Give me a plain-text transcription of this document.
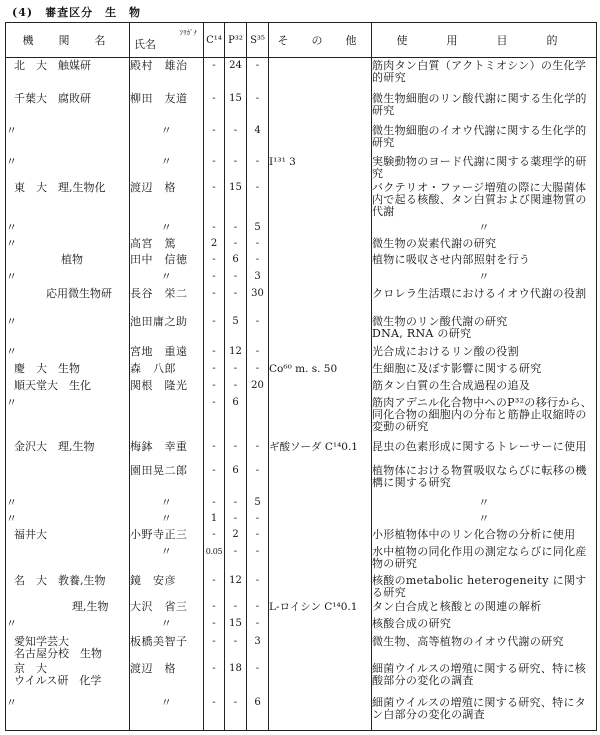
(4)　審査区分　生　物
機　関　名	ﾌﾘｶﾞﾅ
氏名	C¹⁴	P³²	S³⁵	そ　の　他	使　用　目　的
北　大　触媒研	殿村　雄治	-	24	-		筋肉タン白質（アクトミオシン）の生化学的研究
千葉大　腐敗研	柳田　友道	-	15	-		微生物細胞のリン酸代謝に関する生化学的研究
〃	〃	-	-	4		微生物細胞のイオウ代謝に関する生化学的研究
〃	〃	-	-	-	I¹³¹ 3	実験動物のヨード代謝に関する薬理学的研究
東　大　理,生物化	渡辺　格	-	15	-		バクテリオ・ファージ増殖の際に大腸菌体内で起る核酸、タン白質および関連物質の代謝
〃	〃	-	-	5		〃
〃	高宮　篤	2	-	-		微生物の炭素代謝の研究
植物	田中　信徳	-	6	-		植物に吸収させ内部照射を行う
〃	〃	-	-	3		〃
応用微生物研	長谷　栄二	-	-	30		クロレラ生活環におけるイオウ代謝の役割
〃	池田庸之助	-	5	-		微生物のリン酸代謝の研究
DNA, RNA の研究
〃	宮地　重遠	-	12	-		光合成におけるリン酸の役割
慶　大　生物	森　八郎	-	-	-	Co⁶⁰ m. s. 50	生細胞に及ぼす影響に関する研究
順天堂大　生化	関根　隆光	-	-	20		筋タン白質の生合成過程の追及
〃		-	6			筋肉アデニル化合物中へのP³²の移行から、同化合物の細胞内の分布と筋静止収縮時の変動の研究
金沢大　理,生物	梅鉢　幸重	-	-	-	ギ酸ソーダ C¹⁴0.1	昆虫の色素形成に関するトレーサーに使用
	園田晃二郎	-	6	-		植物体における物質吸収ならびに転移の機構に関する研究
〃	〃	-	-	5		〃
〃	〃	1	-	-		〃
福井大	小野寺正三	-	2	-		小形植物体中のリン化合物の分析に使用
	〃	0.05	-	-		水中植物の同化作用の測定ならびに同化産物の研究
名　大　教養,生物	鏡　安彦	-	12	-		核酸のmetabolic heterogeneity に関する研究
理,生物	大沢　省三	-	-	-	L-ロイシン C¹⁴0.1	タン白合成と核酸との関連の解析
〃	〃	-	15	-		核酸合成の研究
愛知学芸大
名古屋分校　生物	板橋美智子	-	-	3		微生物、高等植物のイオウ代謝の研究
京　大
ウイルス研　化学	渡辺　格	-	18	-		細菌ウイルスの増殖に関する研究、特に核酸部分の変化の調査
〃	〃	-	-	6		細菌ウイルスの増殖に関する研究、特にタン白部分の変化の調査
